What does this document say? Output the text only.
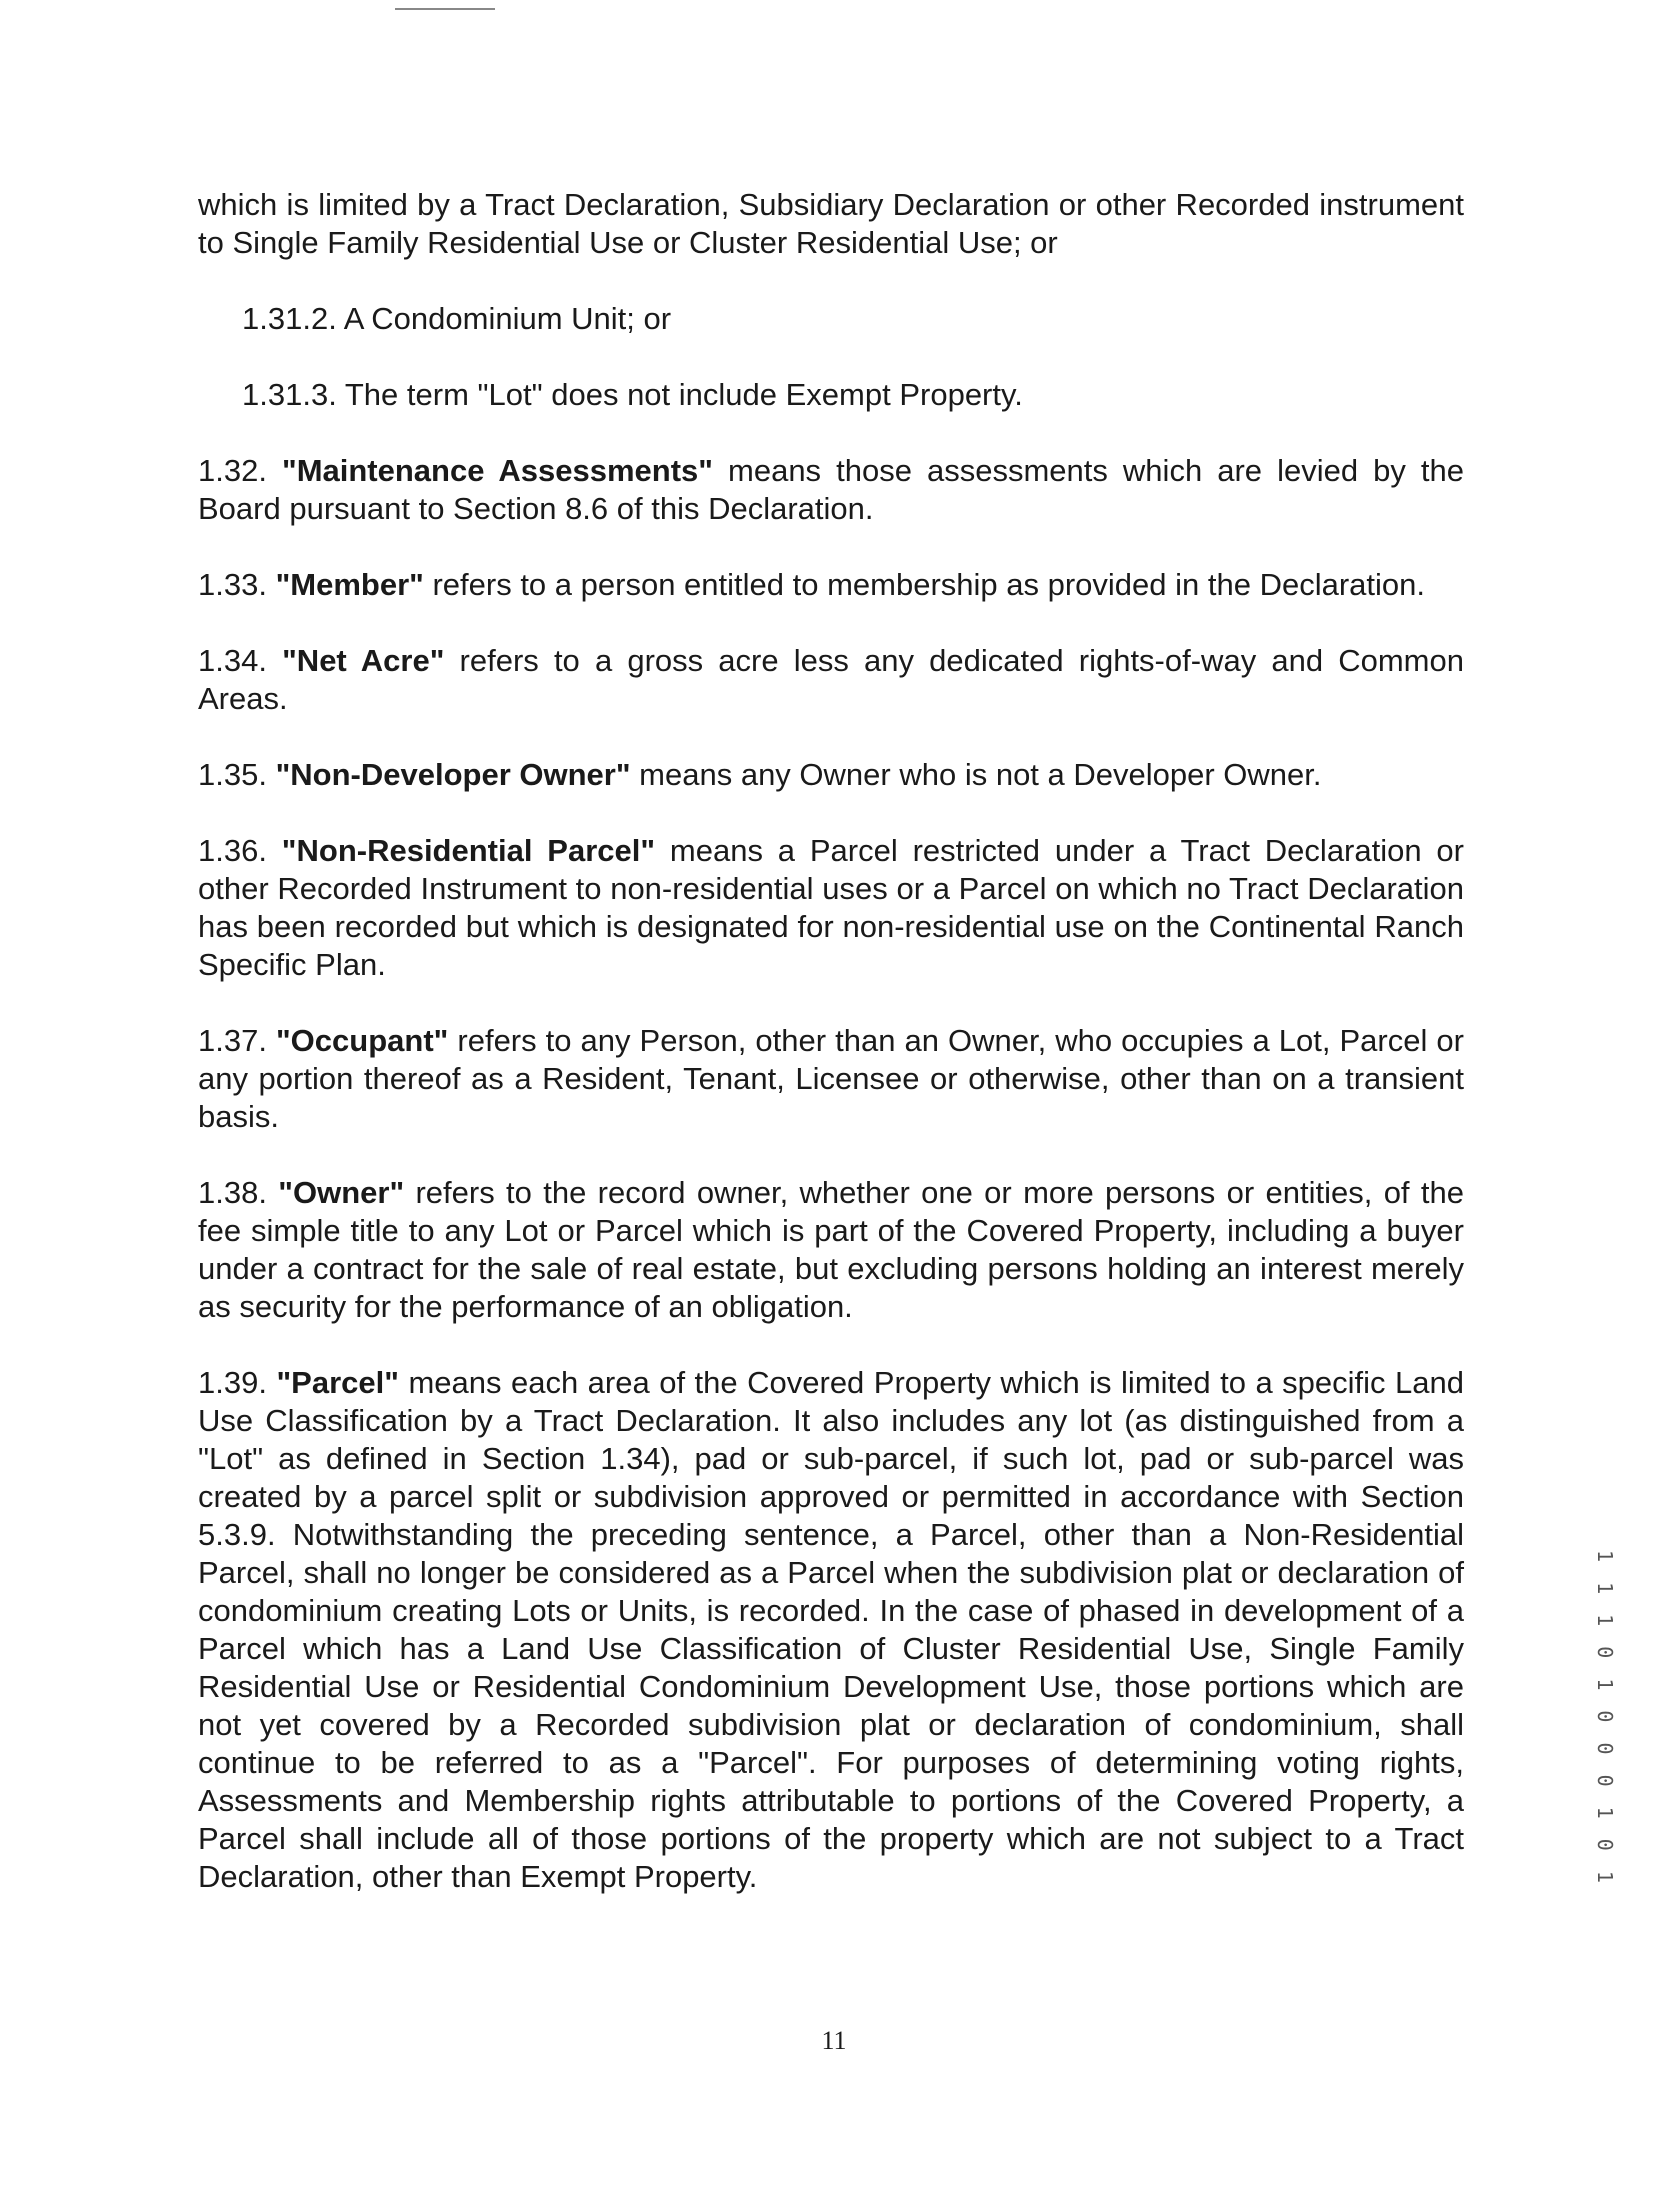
which is limited by a Tract Declaration, Subsidiary Declaration or other Recorded instrument to Single Family Residential Use or Cluster Residential Use; or

1.31.2. A Condominium Unit; or

1.31.3. The term "Lot" does not include Exempt Property.

1.32. "Maintenance Assessments" means those assessments which are levied by the Board pursuant to Section 8.6 of this Declaration.

1.33. "Member" refers to a person entitled to membership as provided in the Declaration.

1.34. "Net Acre" refers to a gross acre less any dedicated rights-of-way and Common Areas.

1.35. "Non-Developer Owner" means any Owner who is not a Developer Owner.

1.36. "Non-Residential Parcel" means a Parcel restricted under a Tract Declaration or other Recorded Instrument to non-residential uses or a Parcel on which no Tract Declaration has been recorded but which is designated for non-residential use on the Continental Ranch Specific Plan.

1.37. "Occupant" refers to any Person, other than an Owner, who occupies a Lot, Parcel or any portion thereof as a Resident, Tenant, Licensee or otherwise, other than on a transient basis.

1.38. "Owner" refers to the record owner, whether one or more persons or entities, of the fee simple title to any Lot or Parcel which is part of the Covered Property, including a buyer under a contract for the sale of real estate, but excluding persons holding an interest merely as security for the performance of an obligation.

1.39. "Parcel" means each area of the Covered Property which is limited to a specific Land Use Classification by a Tract Declaration. It also includes any lot (as distinguished from a "Lot" as defined in Section 1.34), pad or sub-parcel, if such lot, pad or sub-parcel was created by a parcel split or subdivision approved or permitted in accordance with Section 5.3.9. Notwithstanding the preceding sentence, a Parcel, other than a Non-Residential Parcel, shall no longer be considered as a Parcel when the subdivision plat or declaration of condominium creating Lots or Units, is recorded. In the case of phased in development of a Parcel which has a Land Use Classification of Cluster Residential Use, Single Family Residential Use or Residential Condominium Development Use, those portions which are not yet covered by a Recorded subdivision plat or declaration of condominium, shall continue to be referred to as a "Parcel". For purposes of determining voting rights, Assessments and Membership rights attributable to portions of the Covered Property, a Parcel shall include all of those portions of the property which are not subject to a Tract Declaration, other than Exempt Property.

11
1 1 1 0 1 0 0 0 1 0 1
